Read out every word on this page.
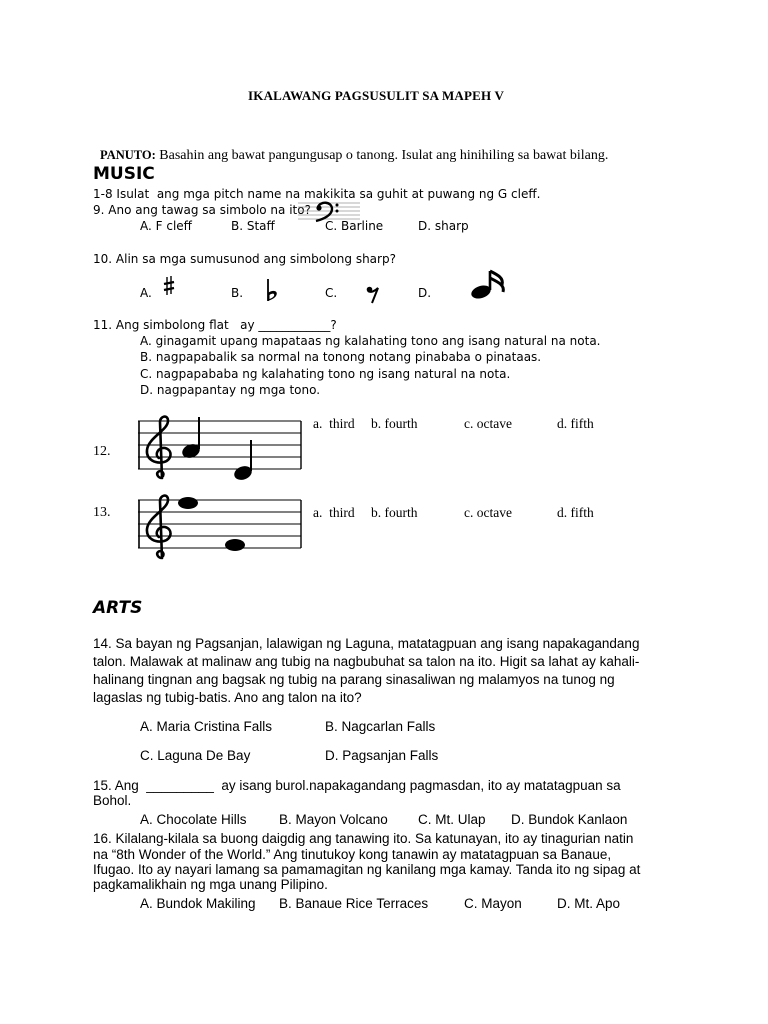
IKALAWANG PAGSUSULIT SA MAPEH V

PANUTO: Basahin ang bawat pangungusap o tanong. Isulat ang hinihiling sa bawat bilang.

MUSIC
1-8 Isulat  ang mga pitch name na makikita sa guhit at puwang ng G cleff.
9. Ano ang tawag sa simbolo na ito?
A. F cleff	B. Staff	C. Barline	D. sharp
10. Alin sa mga sumusunod ang simbolong sharp?
A.	B.	C.	D.
11. Ang simbolong flat   ay ____________?
A. ginagamit upang mapataas ng kalahating tono ang isang natural na nota.
B. nagpapabalik sa normal na tonong notang pinababa o pinataas.
C. nagpapababa ng kalahating tono ng isang natural na nota.
D. nagpapantay ng mga tono.
12.
a.  third b. fourth	c. octave	d. fifth
13.	a.  third b. fourth	c. octave	d. fifth
ARTS
14. Sa bayan ng Pagsanjan, lalawigan ng Laguna, matatagpuan ang isang napakagandang
talon. Malawak at malinaw ang tubig na nagbubuhat sa talon na ito. Higit sa lahat ay kahali-
halinang tingnan ang bagsak ng tubig na parang sinasaliwan ng malamyos na tunog ng
lagaslas ng tubig-batis. Ano ang talon na ito?
A. Maria Cristina Falls	B. Nagcarlan Falls
C. Laguna De Bay	D. Pagsanjan Falls
15. Ang  _________  ay isang burol.napakagandang pagmasdan, ito ay matatagpuan sa
Bohol.
A. Chocolate Hills B. Mayon Volcano C. Mt. Ulap D. Bundok Kanlaon
16. Kilalang-kilala sa buong daigdig ang tanawing ito. Sa katunayan, ito ay tinagurian natin
na “8th Wonder of the World.” Ang tinutukoy kong tanawin ay matatagpuan sa Banaue,
Ifugao. Ito ay nayari lamang sa pamamagitan ng kanilang mga kamay. Tanda ito ng sipag at
pagkamalikhain ng mga unang Pilipino.
A. Bundok Makiling B. Banaue Rice Terraces	C. Mayon	D. Mt. Apo
